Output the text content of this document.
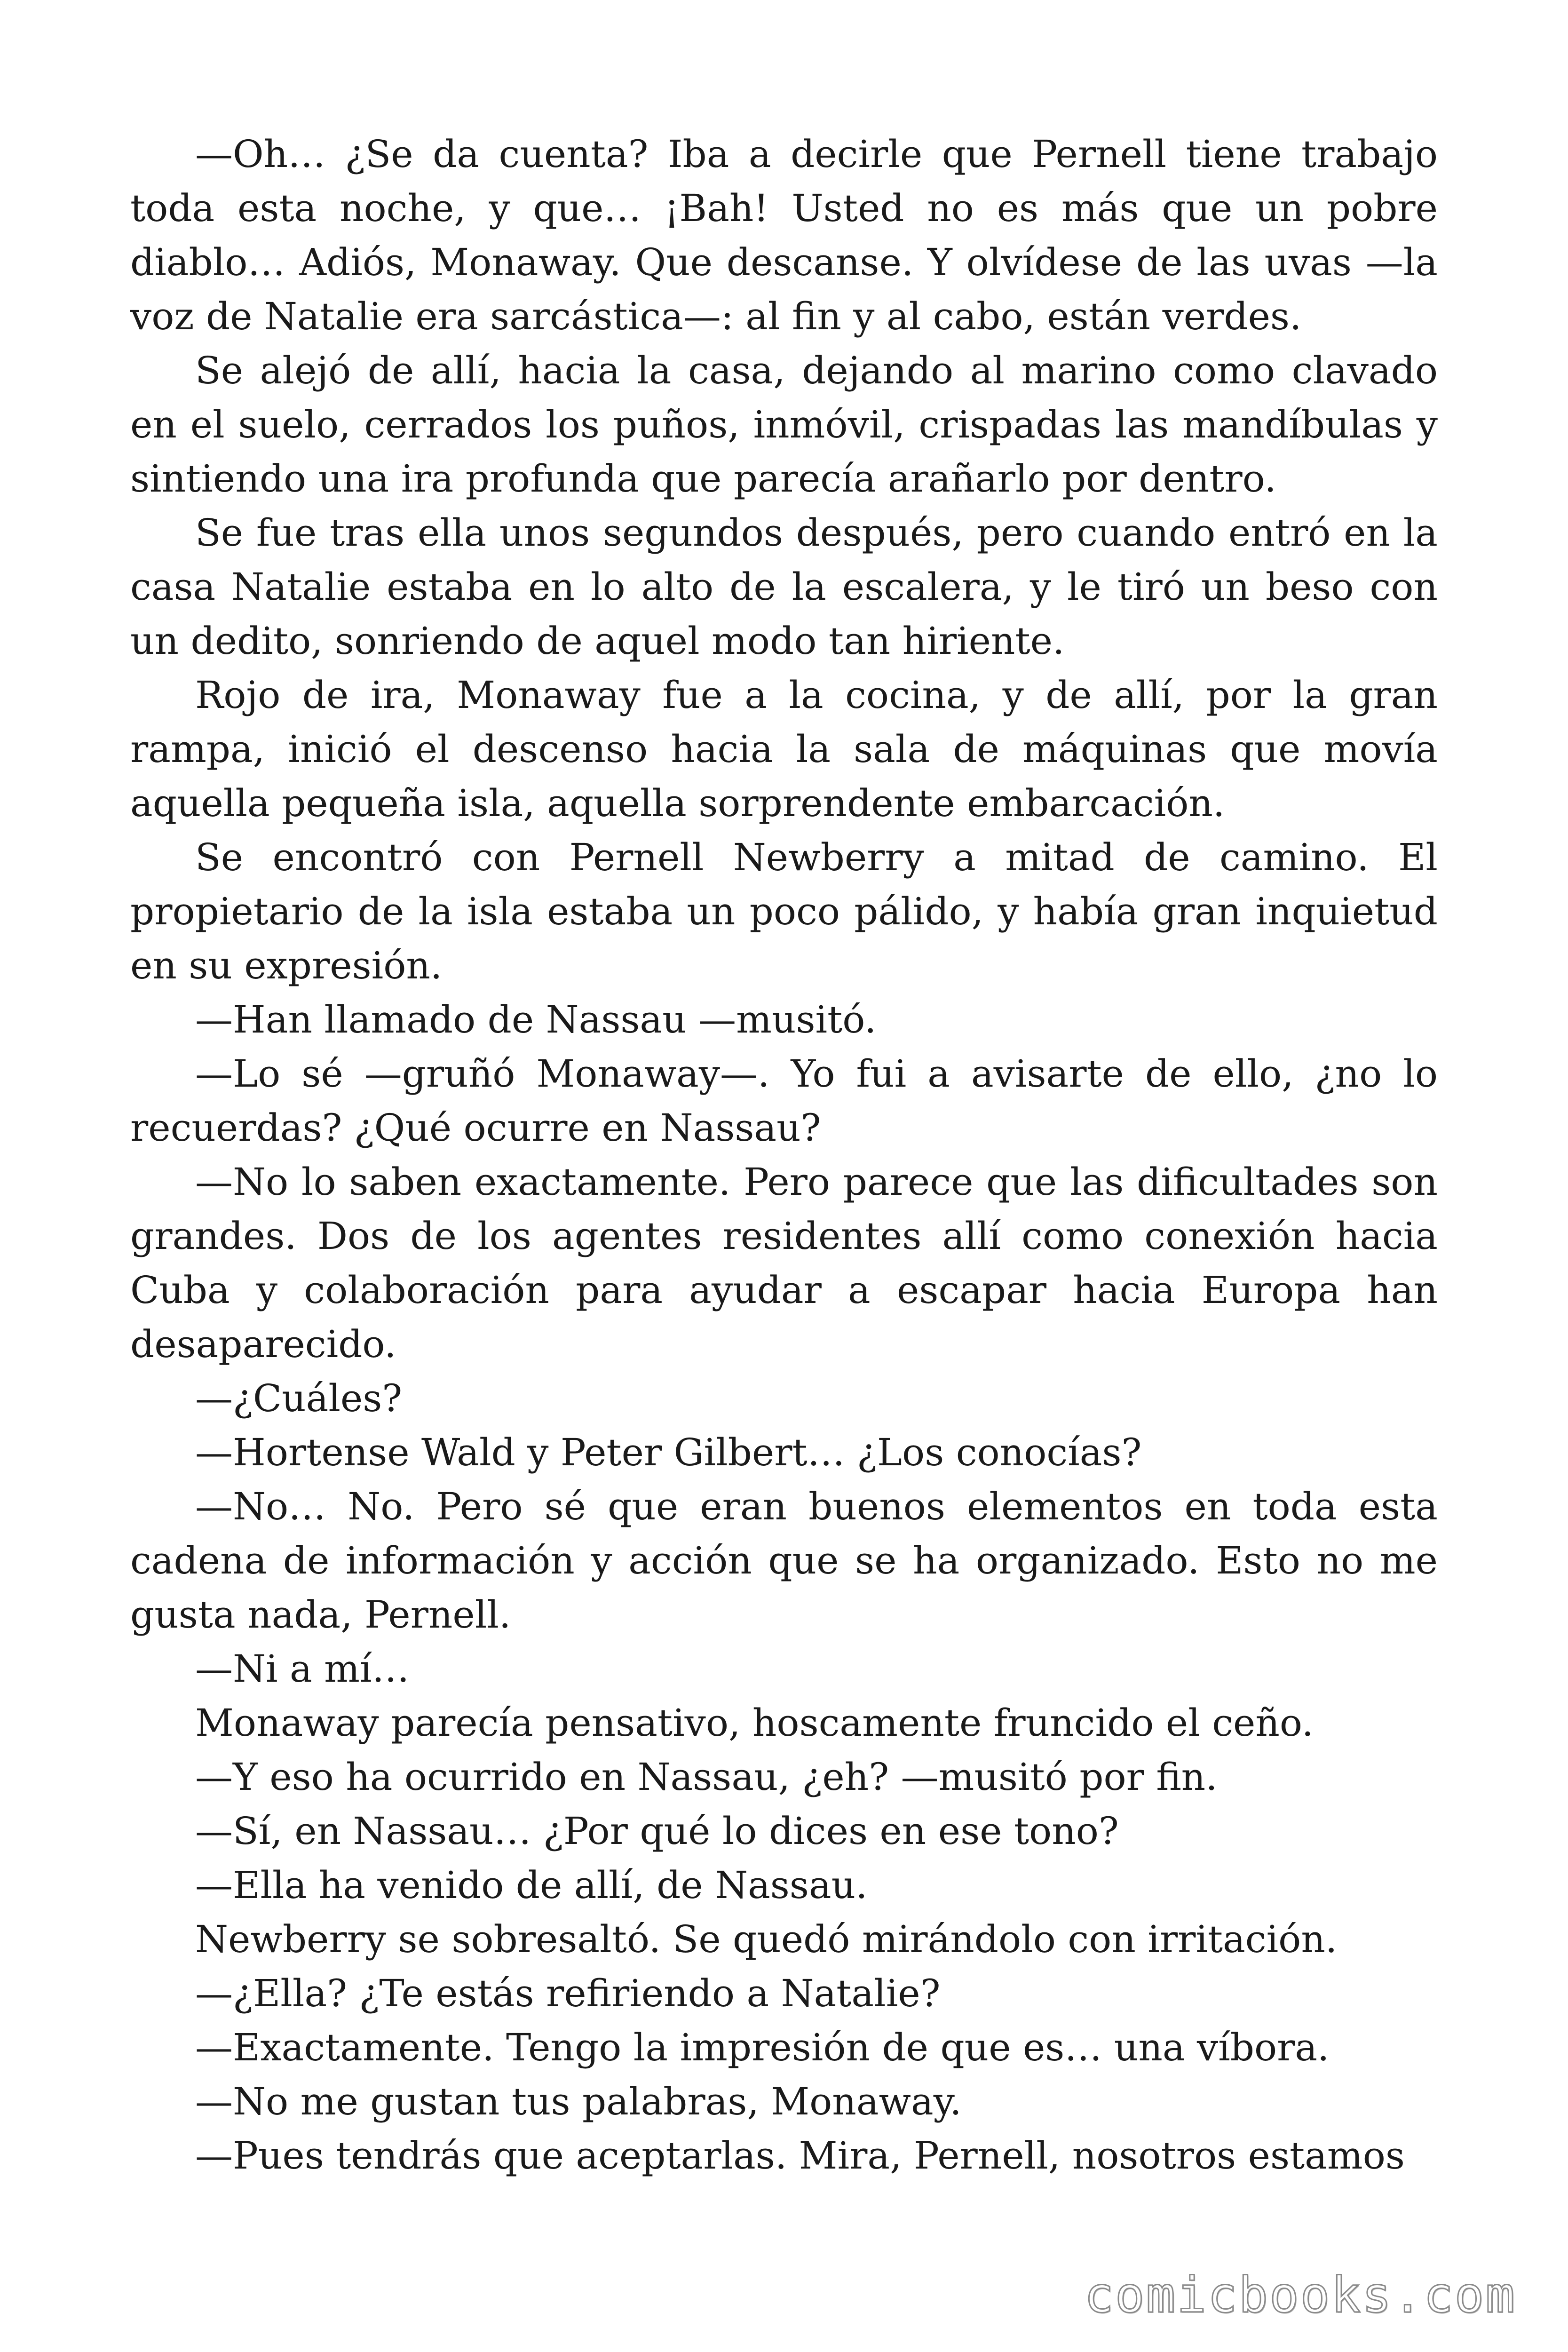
—Oh… ¿Se da cuenta? Iba a decirle que Pernell tiene trabajo toda esta noche, y que… ¡Bah! Usted no es más que un pobre diablo… Adiós, Monaway. Que descanse. Y olvídese de las uvas —la voz de Natalie era sarcástica—: al fin y al cabo, están verdes.

Se alejó de allí, hacia la casa, dejando al marino como clavado en el suelo, cerrados los puños, inmóvil, crispadas las mandíbulas y sintiendo una ira profunda que parecía arañarlo por dentro.

Se fue tras ella unos segundos después, pero cuando entró en la casa Natalie estaba en lo alto de la escalera, y le tiró un beso con un dedito, sonriendo de aquel modo tan hiriente.

Rojo de ira, Monaway fue a la cocina, y de allí, por la gran rampa, inició el descenso hacia la sala de máquinas que movía aquella pequeña isla, aquella sorprendente embarcación.

Se encontró con Pernell Newberry a mitad de camino. El propietario de la isla estaba un poco pálido, y había gran inquietud en su expresión.

—Han llamado de Nassau —musitó.

—Lo sé —gruñó Monaway—. Yo fui a avisarte de ello, ¿no lo recuerdas? ¿Qué ocurre en Nassau?

—No lo saben exactamente. Pero parece que las dificultades son grandes. Dos de los agentes residentes allí como conexión hacia Cuba y colaboración para ayudar a escapar hacia Europa han desaparecido.

—¿Cuáles?

—Hortense Wald y Peter Gilbert… ¿Los conocías?

—No… No. Pero sé que eran buenos elementos en toda esta cadena de información y acción que se ha organizado. Esto no me gusta nada, Pernell.

—Ni a mí…

Monaway parecía pensativo, hoscamente fruncido el ceño.

—Y eso ha ocurrido en Nassau, ¿eh? —musitó por fin.

—Sí, en Nassau… ¿Por qué lo dices en ese tono?

—Ella ha venido de allí, de Nassau.

Newberry se sobresaltó. Se quedó mirándolo con irritación.

—¿Ella? ¿Te estás refiriendo a Natalie?

—Exactamente. Tengo la impresión de que es… una víbora.

—No me gustan tus palabras, Monaway.

—Pues tendrás que aceptarlas. Mira, Pernell, nosotros estamos

comicbooks.com
